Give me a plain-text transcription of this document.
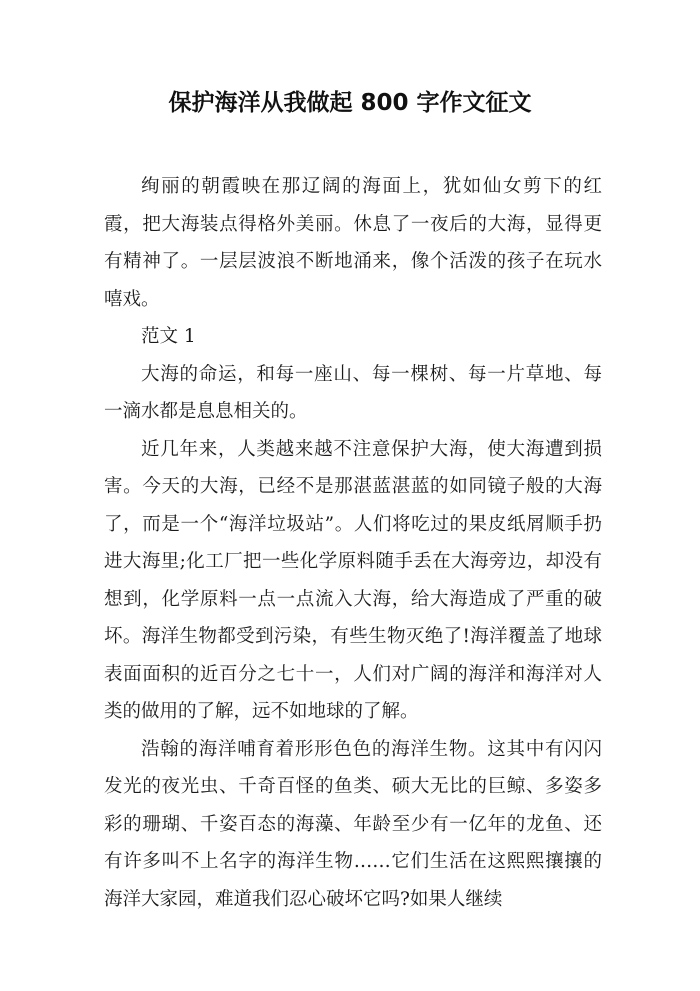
保护海洋从我做起 800 字作文征文

绚丽的朝霞映在那辽阔的海面上，犹如仙女剪下的红霞，把大海装点得格外美丽。休息了一夜后的大海，显得更有精神了。一层层波浪不断地涌来，像个活泼的孩子在玩水嘻戏。

范文 1

大海的命运，和每一座山、每一棵树、每一片草地、每一滴水都是息息相关的。

近几年来，人类越来越不注意保护大海，使大海遭到损害。今天的大海，已经不是那湛蓝湛蓝的如同镜子般的大海了，而是一个“海洋垃圾站”。人们将吃过的果皮纸屑顺手扔进大海里;化工厂把一些化学原料随手丢在大海旁边，却没有想到，化学原料一点一点流入大海，给大海造成了严重的破坏。海洋生物都受到污染，有些生物灭绝了!海洋覆盖了地球表面面积的近百分之七十一，人们对广阔的海洋和海洋对人类的做用的了解，远不如地球的了解。

浩翰的海洋哺育着形形色色的海洋生物。这其中有闪闪发光的夜光虫、千奇百怪的鱼类、硕大无比的巨鲸、多姿多彩的珊瑚、千姿百态的海藻、年龄至少有一亿年的龙鱼、还有许多叫不上名字的海洋生物……它们生活在这熙熙攘攘的海洋大家园，难道我们忍心破坏它吗?如果人继续
